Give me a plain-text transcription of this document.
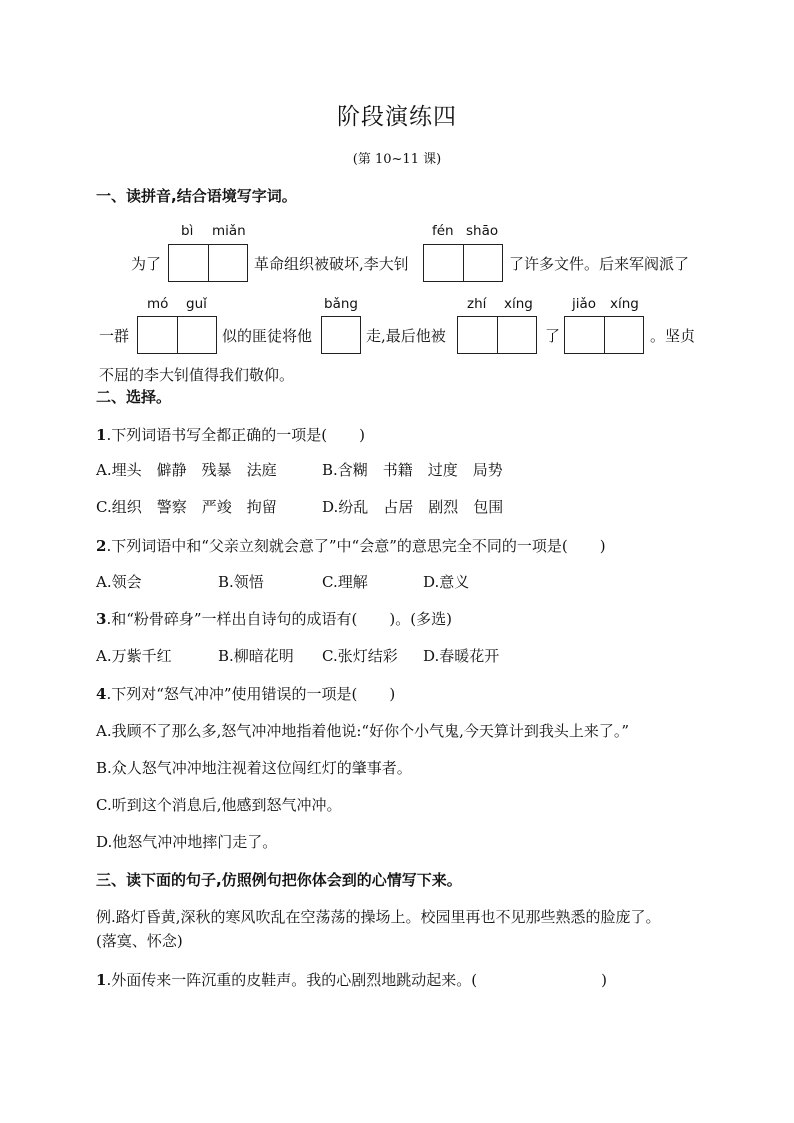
阶段演练四
(第 10~11 课)
一、读拼音,结合语境写字词。
bì miǎn	fén shāo
为了	革命组织被破坏,李大钊	了许多文件。后来军阀派了
mó guǐ	bǎng	zhí xíng	jiǎo xíng
一群	似的匪徒将他	走,最后他被	了	。坚贞
不屈的李大钊值得我们敬仰。
二、选择。
1.下列词语书写全都正确的一项是( )
A.埋头　僻静　残暴　法庭	B.含糊　书籍　过度　局势
C.组织　警察　严竣　拘留	D.纷乱　占居　剧烈　包围
2.下列词语中和“父亲立刻就会意了”中“会意”的意思完全不同的一项是( )
A.领会	B.领悟	C.理解	D.意义
3.和“粉骨碎身”一样出自诗句的成语有( )。(多选)
A.万紫千红	B.柳暗花明 C.张灯结彩 D.春暖花开
4.下列对“怒气冲冲”使用错误的一项是( )
A.我顾不了那么多,怒气冲冲地指着他说:“好你个小气鬼,今天算计到我头上来了。”
B.众人怒气冲冲地注视着这位闯红灯的肇事者。
C.听到这个消息后,他感到怒气冲冲。
D.他怒气冲冲地摔门走了。
三、读下面的句子,仿照例句把你体会到的心情写下来。
例.路灯昏黄,深秋的寒风吹乱在空荡荡的操场上。校园里再也不见那些熟悉的脸庞了。
(落寞、怀念)
1.外面传来一阵沉重的皮鞋声。我的心剧烈地跳动起来。(	)
